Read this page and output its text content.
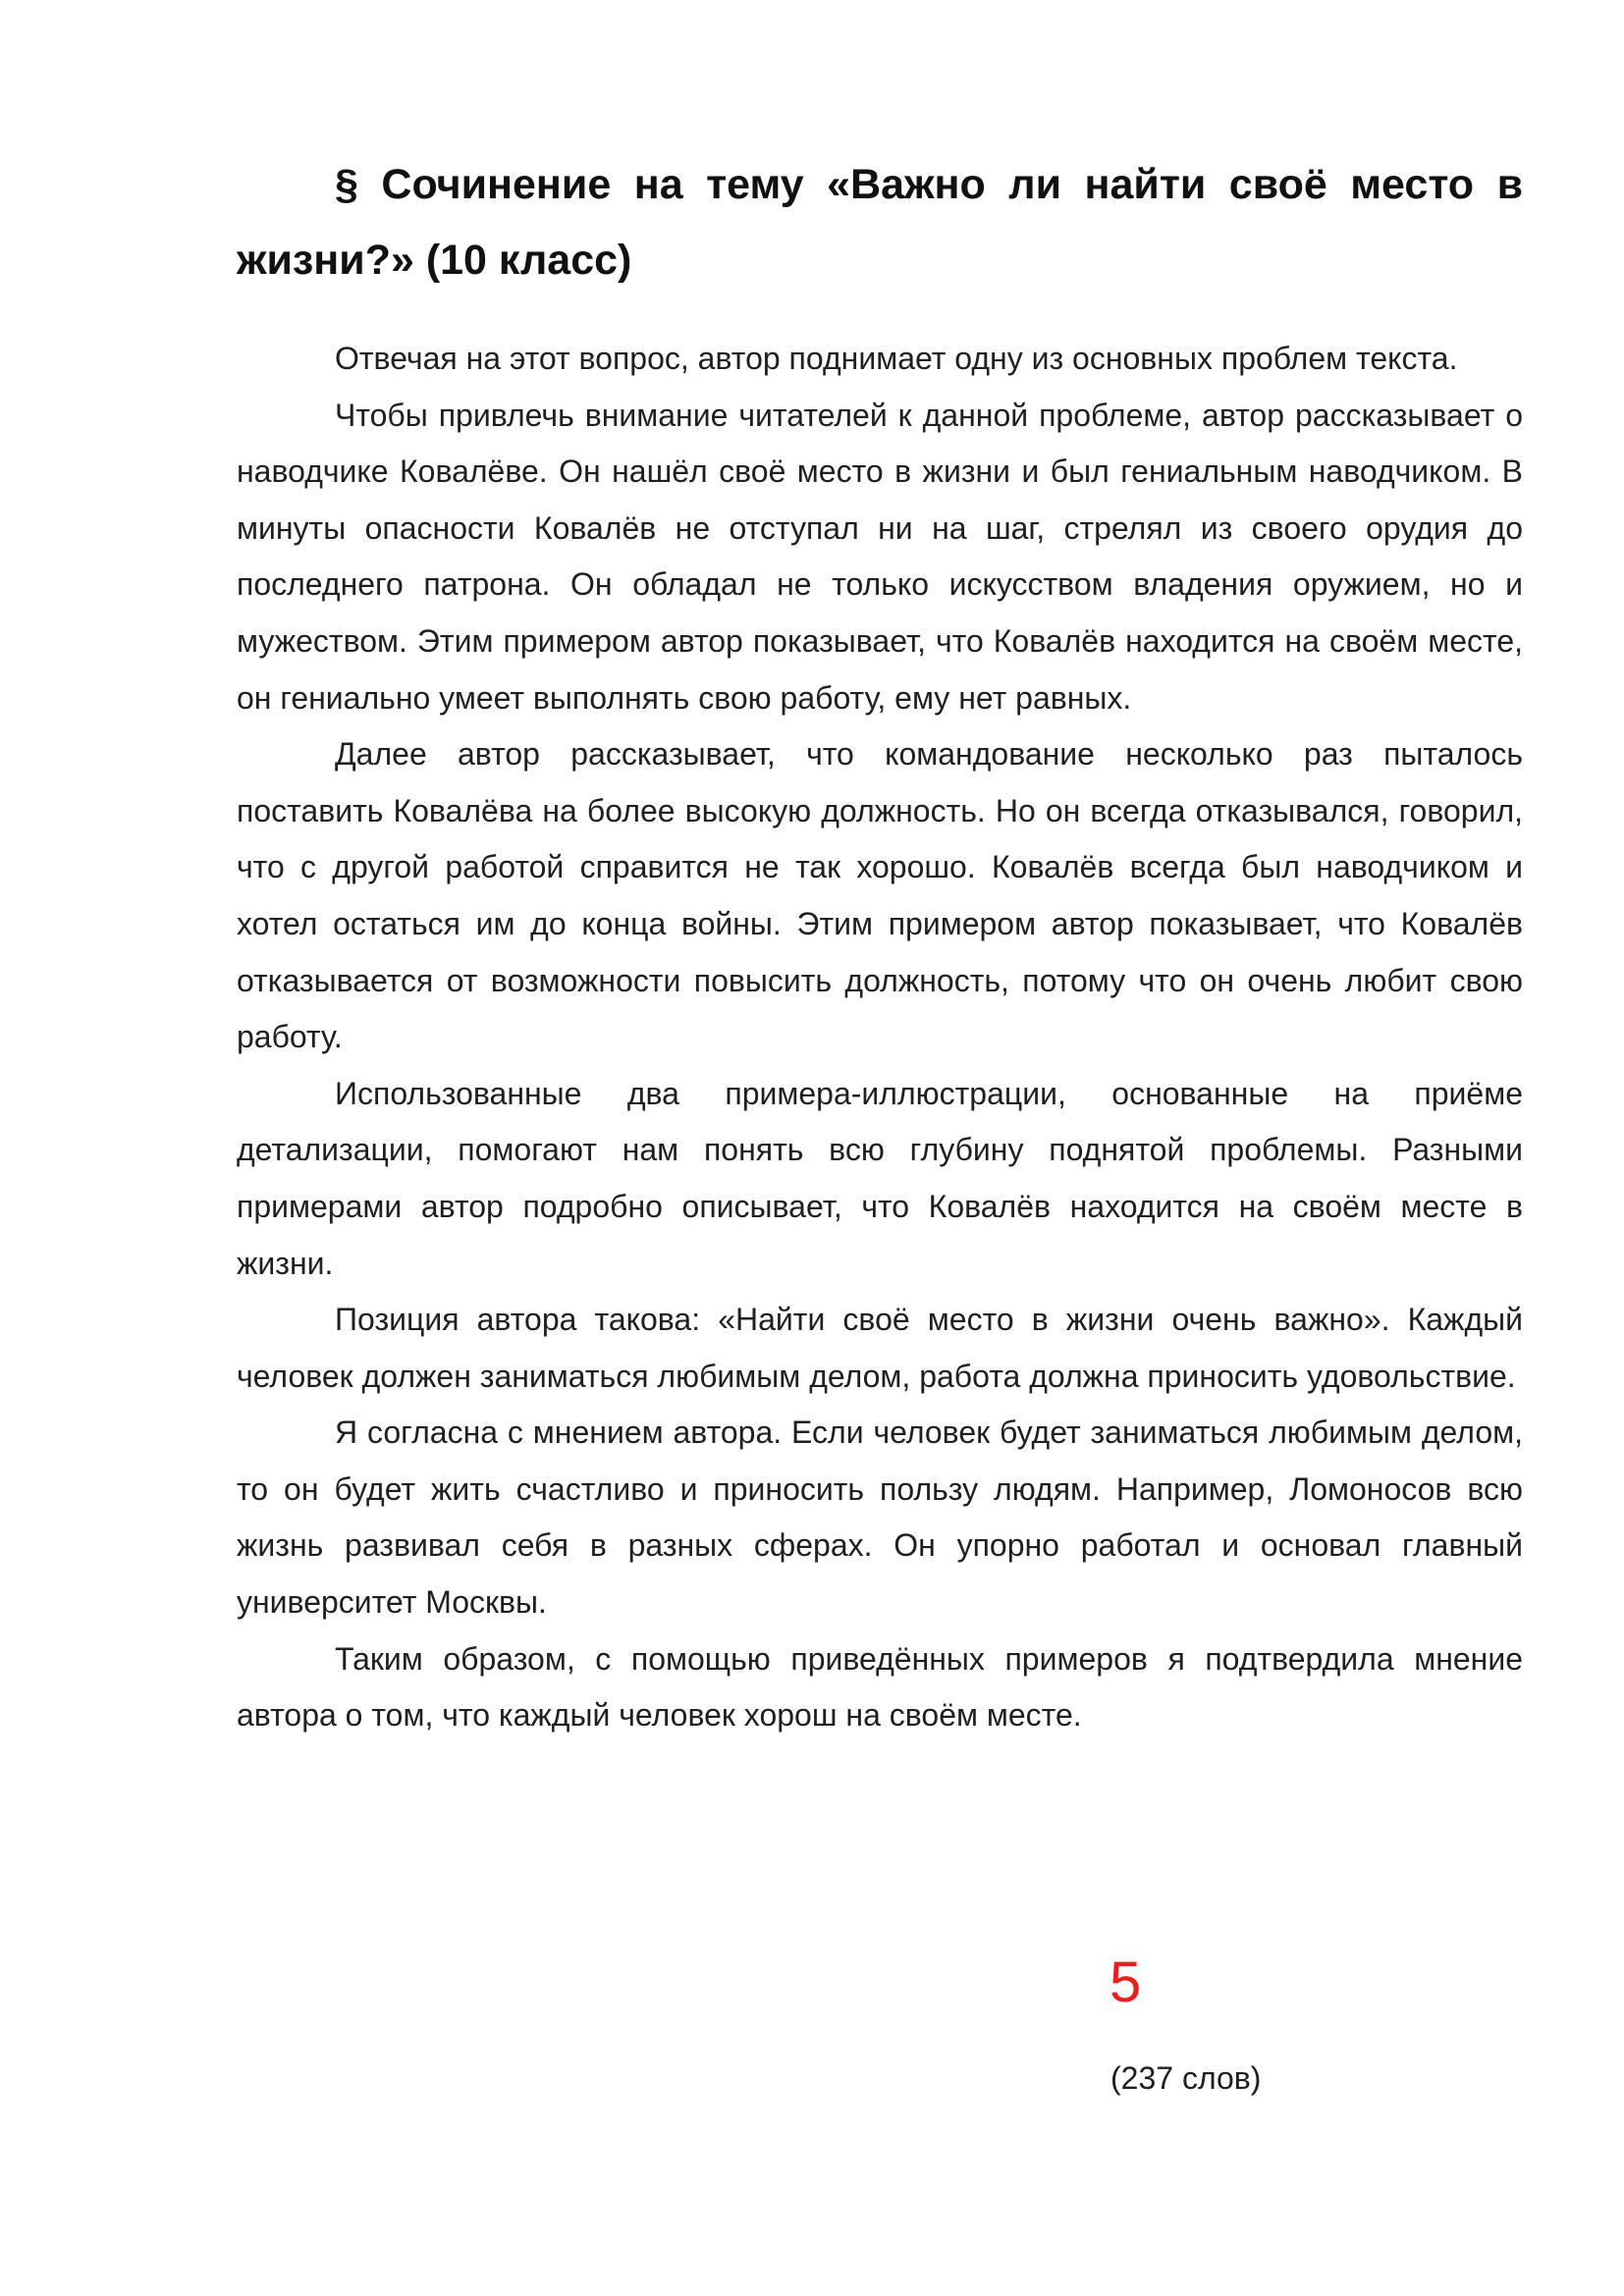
§ Сочинение на тему «Важно ли найти своё место в жизни?» (10 класс)

Отвечая на этот вопрос, автор поднимает одну из основных проблем текста.

Чтобы привлечь внимание читателей к данной проблеме, автор рассказывает о наводчике Ковалёве. Он нашёл своё место в жизни и был гениальным наводчиком. В минуты опасности Ковалёв не отступал ни на шаг, стрелял из своего орудия до последнего патрона. Он обладал не только искусством владения оружием, но и мужеством. Этим примером автор показывает, что Ковалёв находится на своём месте, он гениально умеет выполнять свою работу, ему нет равных.

Далее автор рассказывает, что командование несколько раз пыталось поставить Ковалёва на более высокую должность. Но он всегда отказывался, говорил, что с другой работой справится не так хорошо. Ковалёв всегда был наводчиком и хотел остаться им до конца войны. Этим примером автор показывает, что Ковалёв отказывается от возможности повысить должность, потому что он очень любит свою работу.

Использованные два примера-иллюстрации, основанные на приёме детализации, помогают нам понять всю глубину поднятой проблемы. Разными примерами автор подробно описывает, что Ковалёв находится на своём месте в жизни.

Позиция автора такова: «Найти своё место в жизни очень важно». Каждый человек должен заниматься любимым делом, работа должна приносить удовольствие.

Я согласна с мнением автора. Если человек будет заниматься любимым делом, то он будет жить счастливо и приносить пользу людям. Например, Ломоносов всю жизнь развивал себя в разных сферах. Он упорно работал и основал главный университет Москвы.

Таким образом, с помощью приведённых примеров я подтвердила мнение автора о том, что каждый человек хорош на своём месте.

5
(237 слов)
